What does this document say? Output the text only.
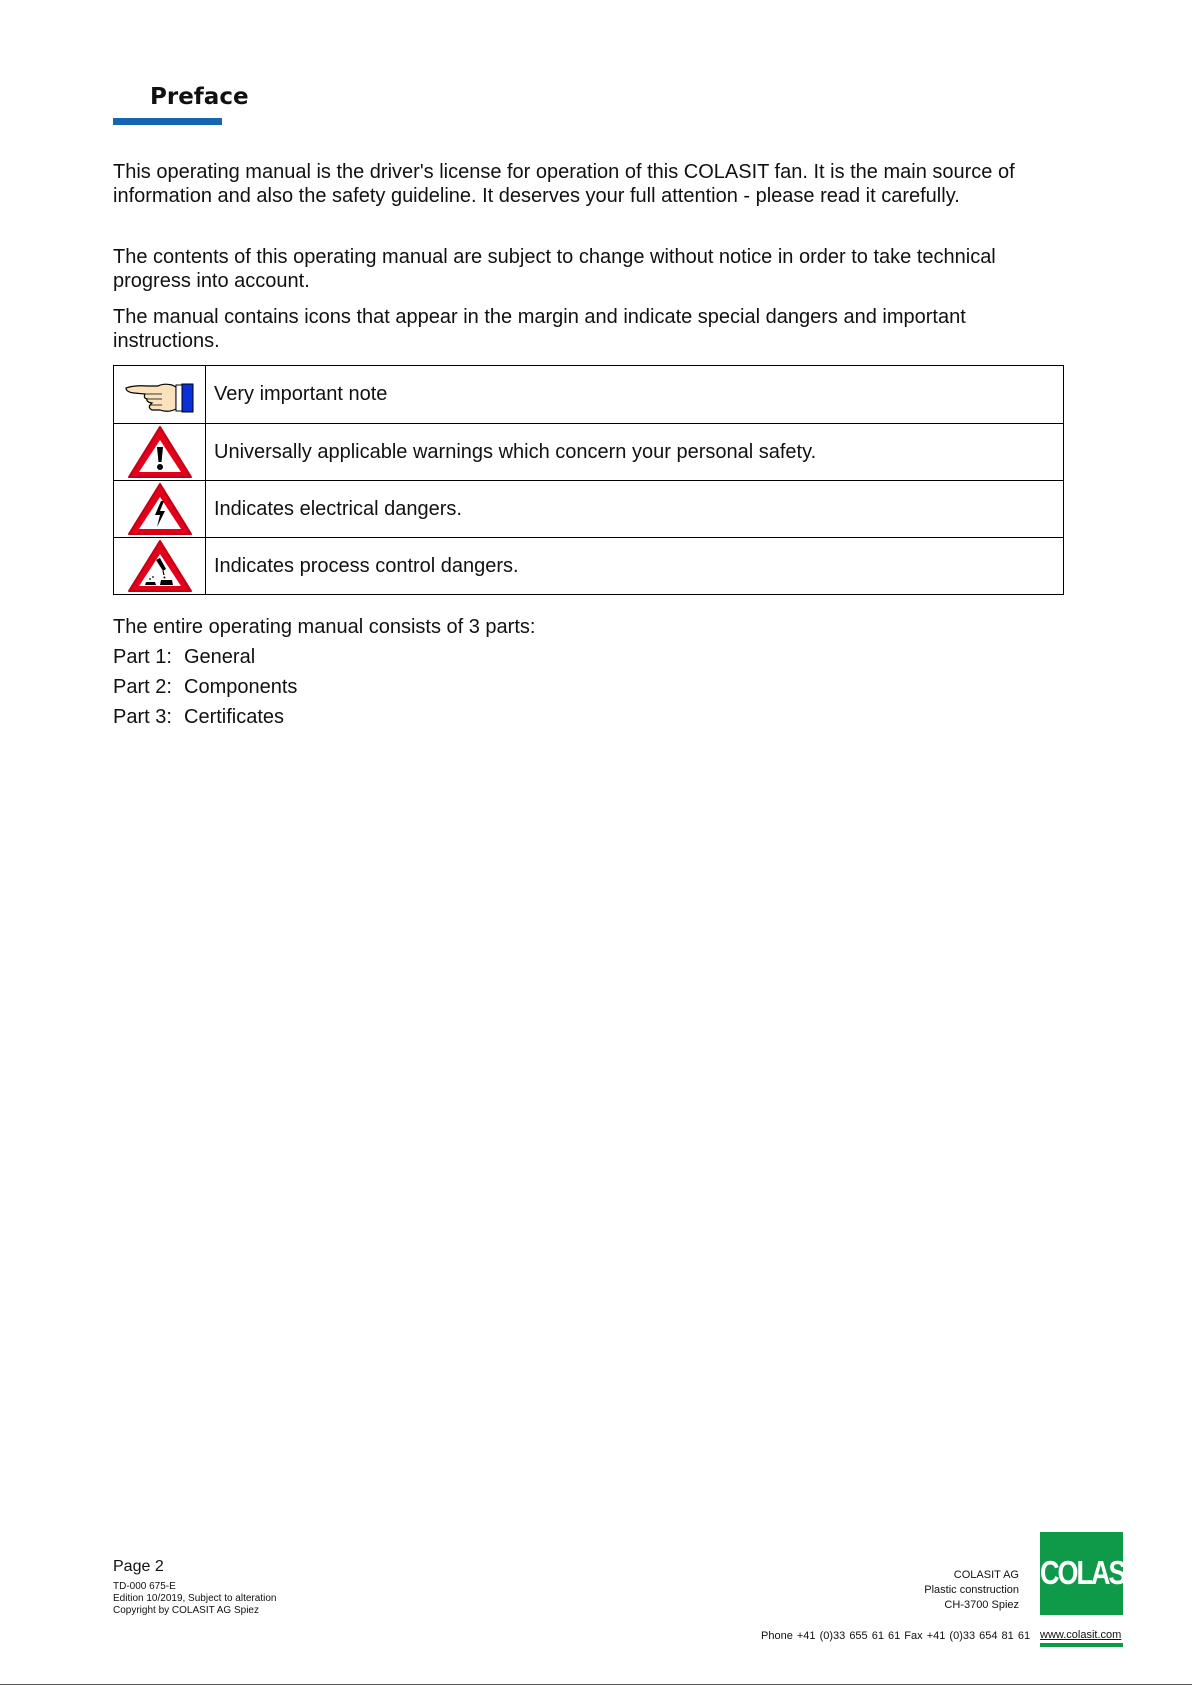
Preface

This operating manual is the driver's license for operation of this COLASIT fan. It is the main source of information and also the safety guideline. It deserves your full attention - please read it carefully.

The contents of this operating manual are subject to change without notice in order to take technical progress into account.

The manual contains icons that appear in the margin and indicate special dangers and important instructions.

	Very important note

	Universally applicable warnings which concern your personal safety.

	Indicates electrical dangers.

	Indicates process control dangers.
The entire operating manual consists of 3 parts:
Part 1: General
Part 2: Components
Part 3: Certificates
Page 2
TD-000 675-E
Edition 10/2019, Subject to alteration
Copyright by COLASIT AG Spiez
COLASIT AG
Plastic construction
CH-3700 Spiez
Phone +41 (0)33 655 61 61 Fax +41 (0)33 654 81 61
COLASIT
www.colasit.com
